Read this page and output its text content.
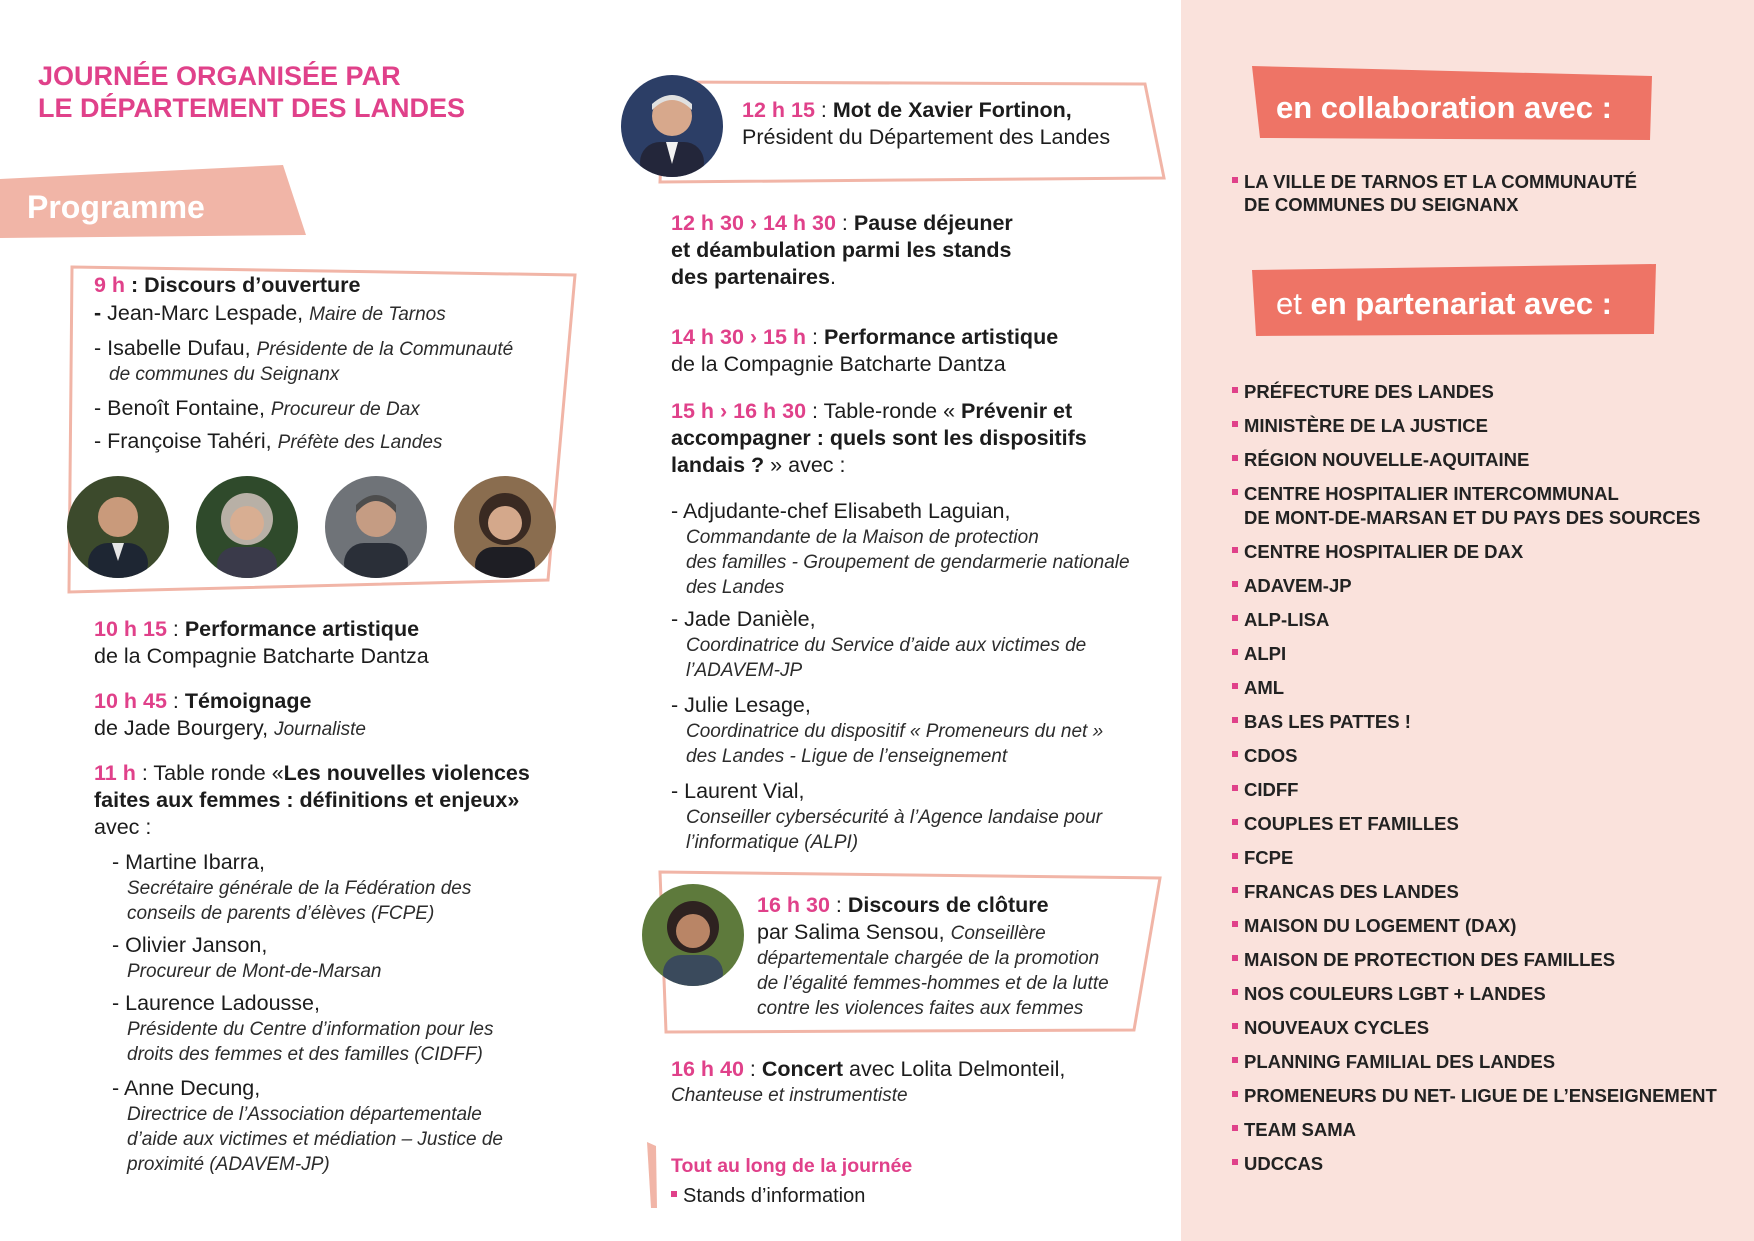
JOURNÉE ORGANISÉE PAR
LE DÉPARTEMENT DES LANDES
Programme
9 h : Discours d’ouverture
- Jean-Marc Lespade, Maire de Tarnos
- Isabelle Dufau, Présidente de la Communauté
de communes du Seignanx
- Benoît Fontaine, Procureur de Dax
- Françoise Tahéri, Préfète des Landes
10 h 15 : Performance artistique
de la Compagnie Batcharte Dantza
10 h 45 : Témoignage
de Jade Bourgery, Journaliste
11 h : Table ronde «Les nouvelles violences
faites aux femmes : définitions et enjeux»
avec :
- Martine Ibarra,
Secrétaire générale de la Fédération des
conseils de parents d’élèves (FCPE)
- Olivier Janson,
Procureur de Mont-de-Marsan
- Laurence Ladousse,
Présidente du Centre d’information pour les
droits des femmes et des familles (CIDFF)
- Anne Decung,
Directrice de l’Association départementale
d’aide aux victimes et médiation – Justice de
proximité (ADAVEM-JP)
12 h 15 : Mot de Xavier Fortinon,
Président du Département des Landes
12 h 30 › 14 h 30 : Pause déjeuner
et déambulation parmi les stands
des partenaires.
14 h 30 › 15 h : Performance artistique
de la Compagnie Batcharte Dantza
15 h › 16 h 30 : Table-ronde « Prévenir et
accompagner : quels sont les dispositifs
landais ? » avec :
- Adjudante-chef Elisabeth Laguian,
Commandante de la Maison de protection
des familles - Groupement de gendarmerie nationale
des Landes
- Jade Danièle,
Coordinatrice du Service d’aide aux victimes de
l’ADAVEM-JP
- Julie Lesage,
Coordinatrice du dispositif « Promeneurs du net »
des Landes - Ligue de l’enseignement
- Laurent Vial,
Conseiller cybersécurité à l’Agence landaise pour
l’informatique (ALPI)
16 h 30 : Discours de clôture
par Salima Sensou, Conseillère
départementale chargée de la promotion
de l’égalité femmes-hommes et de la lutte
contre les violences faites aux femmes
16 h 40 : Concert avec Lolita Delmonteil,
Chanteuse et instrumentiste
Tout au long de la journée
Stands d’information
en collaboration avec :
LA VILLE DE TARNOS ET LA COMMUNAUTÉ
DE COMMUNES DU SEIGNANX
et en partenariat avec :
PRÉFECTURE DES LANDES
MINISTÈRE DE LA JUSTICE
RÉGION NOUVELLE-AQUITAINE
CENTRE HOSPITALIER INTERCOMMUNAL
DE MONT-DE-MARSAN ET DU PAYS DES SOURCES
CENTRE HOSPITALIER DE DAX
ADAVEM-JP
ALP-LISA
ALPI
AML
BAS LES PATTES !
CDOS
CIDFF
COUPLES ET FAMILLES
FCPE
FRANCAS DES LANDES
MAISON DU LOGEMENT (DAX)
MAISON DE PROTECTION DES FAMILLES
NOS COULEURS LGBT + LANDES
NOUVEAUX CYCLES
PLANNING FAMILIAL DES LANDES
PROMENEURS DU NET- LIGUE DE L’ENSEIGNEMENT
TEAM SAMA
UDCCAS
